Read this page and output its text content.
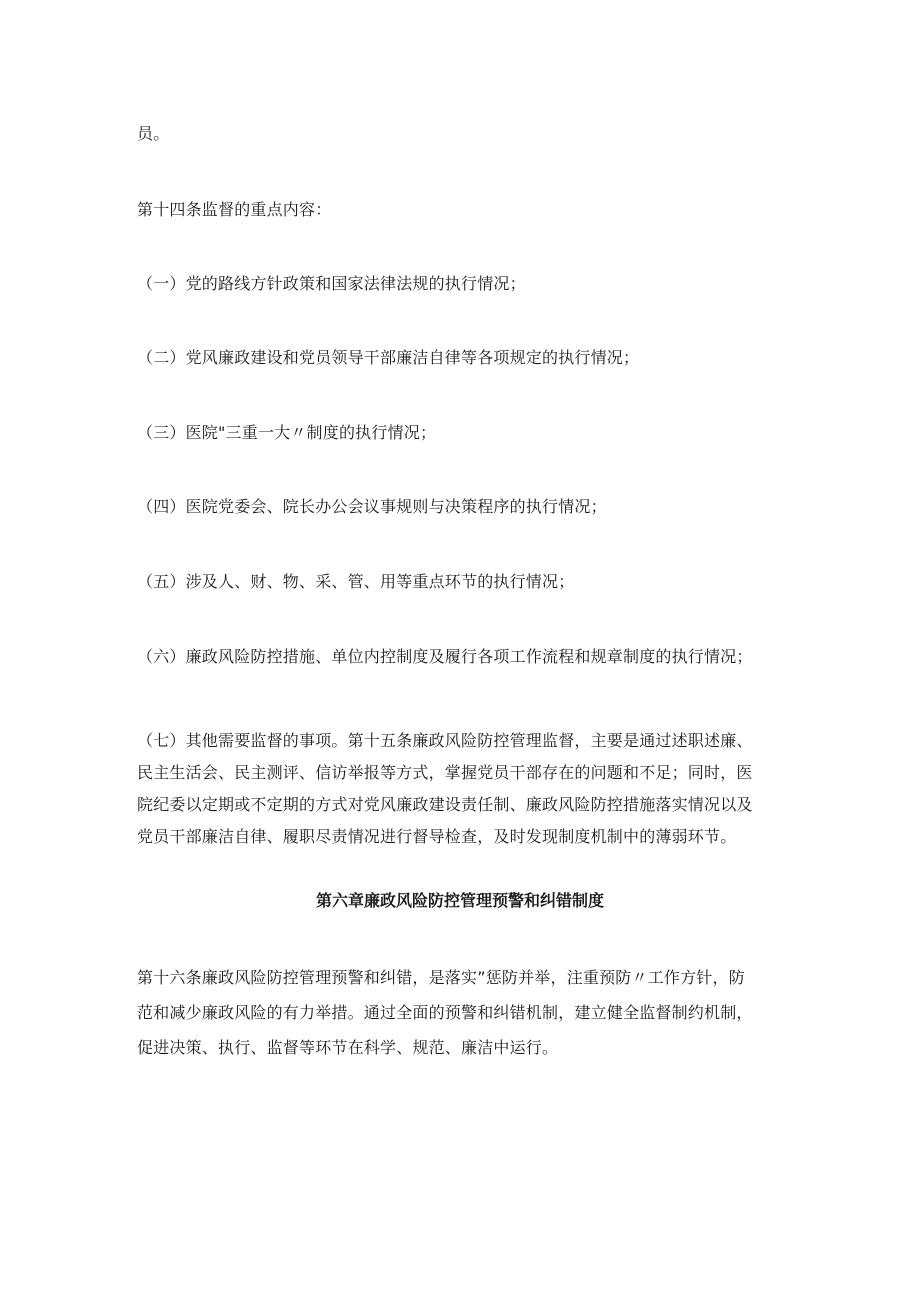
员。
第十四条监督的重点内容：
（一）党的路线方针政策和国家法律法规的执行情况；
（二）党风廉政建设和党员领导干部廉洁自律等各项规定的执行情况；
（三）医院"三重一大〃制度的执行情况；
（四）医院党委会、院长办公会议事规则与决策程序的执行情况；
（五）涉及人、财、物、采、管、用等重点环节的执行情况；
（六）廉政风险防控措施、单位内控制度及履行各项工作流程和规章制度的执行情况；
（七）其他需要监督的事项。第十五条廉政风险防控管理监督，主要是通过述职述廉、
民主生活会、民主测评、信访举报等方式，掌握党员干部存在的问题和不足；同时，医
院纪委以定期或不定期的方式对党风廉政建设责任制、廉政风险防控措施落实情况以及
党员干部廉洁自律、履职尽责情况进行督导检查，及时发现制度机制中的薄弱环节。
第六章廉政风险防控管理预警和纠错制度
第十六条廉政风险防控管理预警和纠错，是落实”惩防并举，注重预防〃工作方针，防
范和减少廉政风险的有力举措。通过全面的预警和纠错机制，建立健全监督制约机制，
促进决策、执行、监督等环节在科学、规范、廉洁中运行。
